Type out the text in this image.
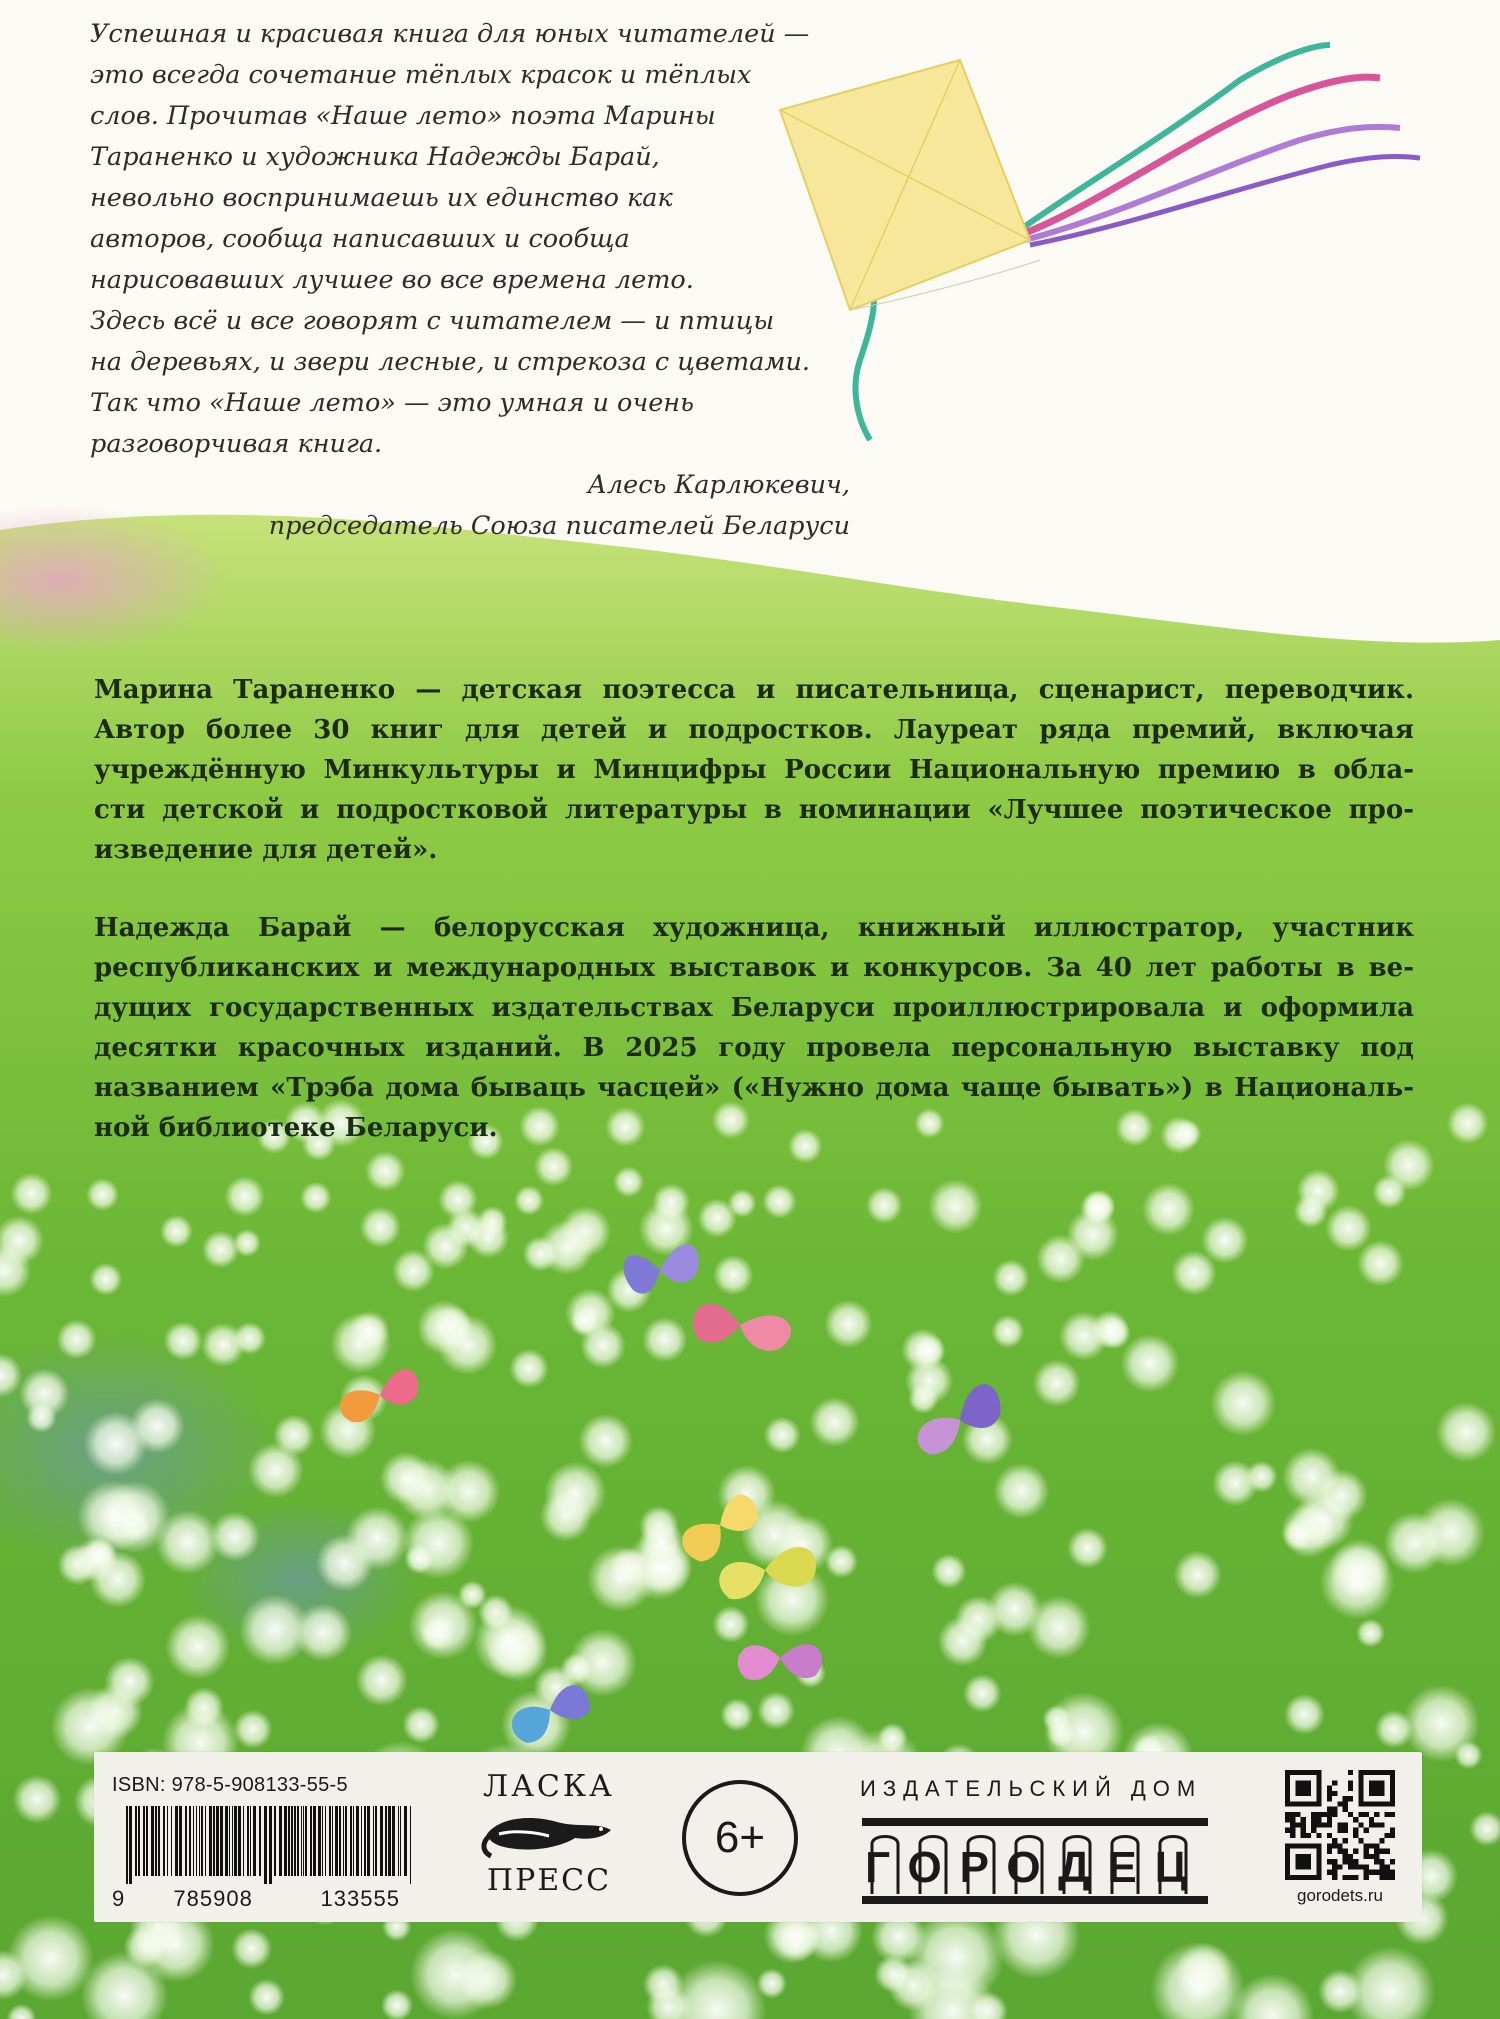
Успешная и красивая книга для юных читателей —
это всегда сочетание тёплых красок и тёплых
слов. Прочитав «Наше лето» поэта Марины
Тараненко и художника Надежды Барай,
невольно воспринимаешь их единство как
авторов, сообща написавших и сообща
нарисовавших лучшее во все времена лето.
Здесь всё и все говорят с читателем — и птицы
на деревьях, и звери лесные, и стрекоза с цветами.
Так что «Наше лето» — это умная и очень
разговорчивая книга.

Алесь Карлюкевич,
председатель Союза писателей Беларуси
Марина Тараненко — детская поэтесса и писательница, сценарист, переводчик.
Автор более 30 книг для детей и подростков. Лауреат ряда премий, включая
учреждённую Минкультуры и Минцифры России Национальную премию в обла-
сти детской и подростковой литературы в номинации «Лучшее поэтическое про-
изведение для детей».
Надежда Барай — белорусская художница, книжный иллюстратор, участник
республиканских и международных выставок и конкурсов. За 40 лет работы в ве-
дущих государственных издательствах Беларуси проиллюстрировала и оформила
десятки красочных изданий. В 2025 году провела персональную выставку под
названием «Трэба дома бываць часцей» («Нужно дома чаще бывать») в Националь-
ной библиотеке Беларуси.
ISBN: 978-5-908133-55-5
9 785908	133555
ЛАСКА
ПРЕСС
6+
ИЗДАТЕЛЬСКИЙ ДОМ
ГОРОДЕЦ
gorodets.ru
